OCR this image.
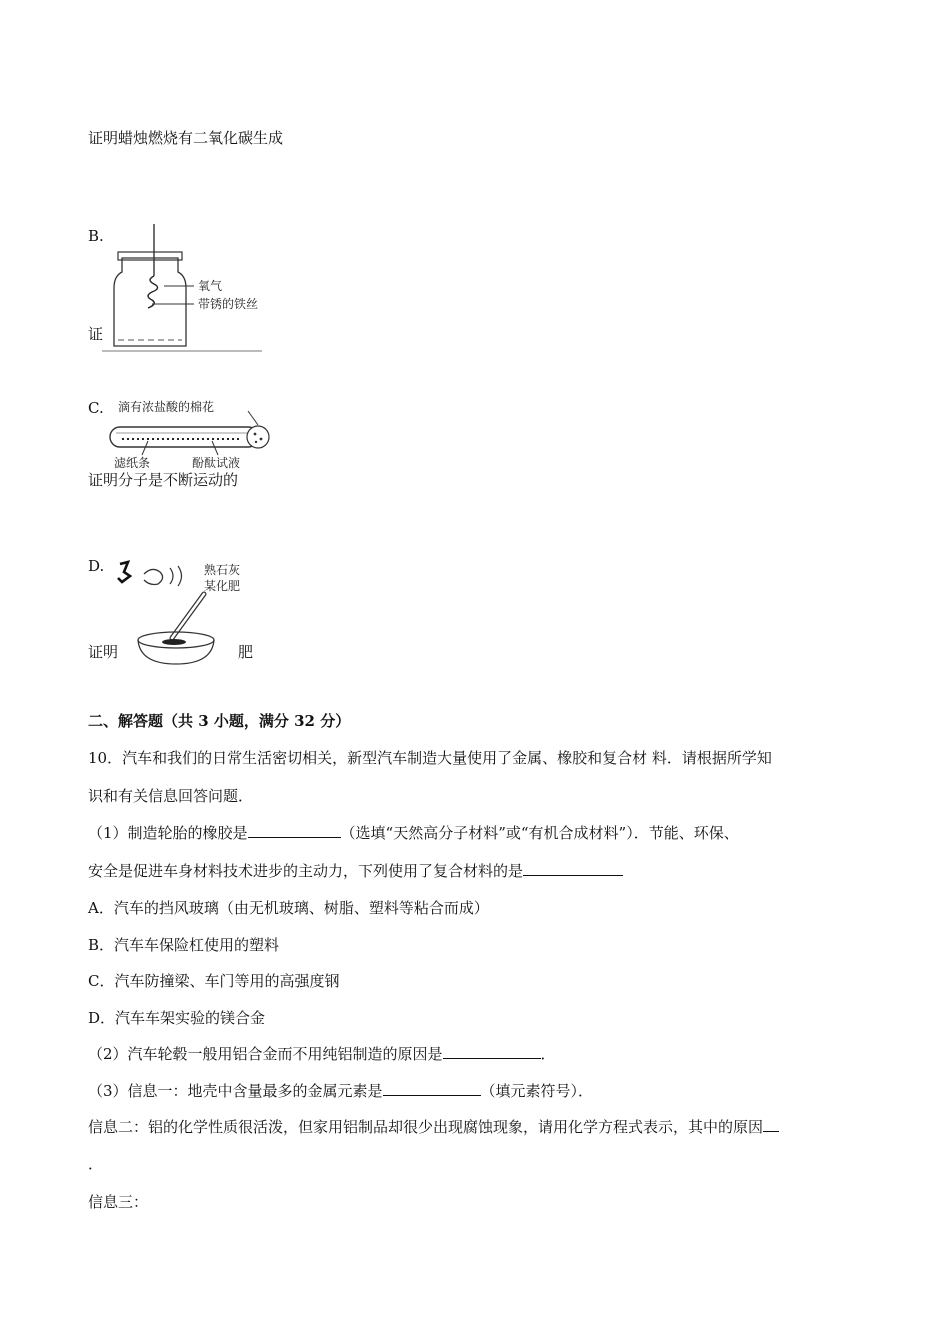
证明蜡烛燃烧有二氧化碳生成
B.
证
氧气
带锈的铁丝
C.
证明分子是不断运动的
滴有浓盐酸的棉花
滤纸条	酚酞试液
D.
证明	肥
熟石灰
某化肥
二、解答题（共 3 小题，满分 32 分）
10．汽车和我们的日常生活密切相关，新型汽车制造大量使用了金属、橡胶和复合材 料．请根据所学知
识和有关信息回答问题．
（1）制造轮胎的橡胶是	（选填“天然高分子材料”或“有机合成材料”）．节能、环保、
安全是促进车身材料技术进步的主动力，下列使用了复合材料的是
A．汽车的挡风玻璃（由无机玻璃、树脂、塑料等粘合而成）
B．汽车车保险杠使用的塑料
C．汽车防撞梁、车门等用的高强度钢
D．汽车车架实验的镁合金
（2）汽车轮毂一般用铝合金而不用纯铝制造的原因是	．
（3）信息一：地壳中含量最多的金属元素是	（填元素符号）．
信息二：铝的化学性质很活泼，但家用铝制品却很少出现腐蚀现象，请用化学方程式表示，其中的原因
．
信息三：
